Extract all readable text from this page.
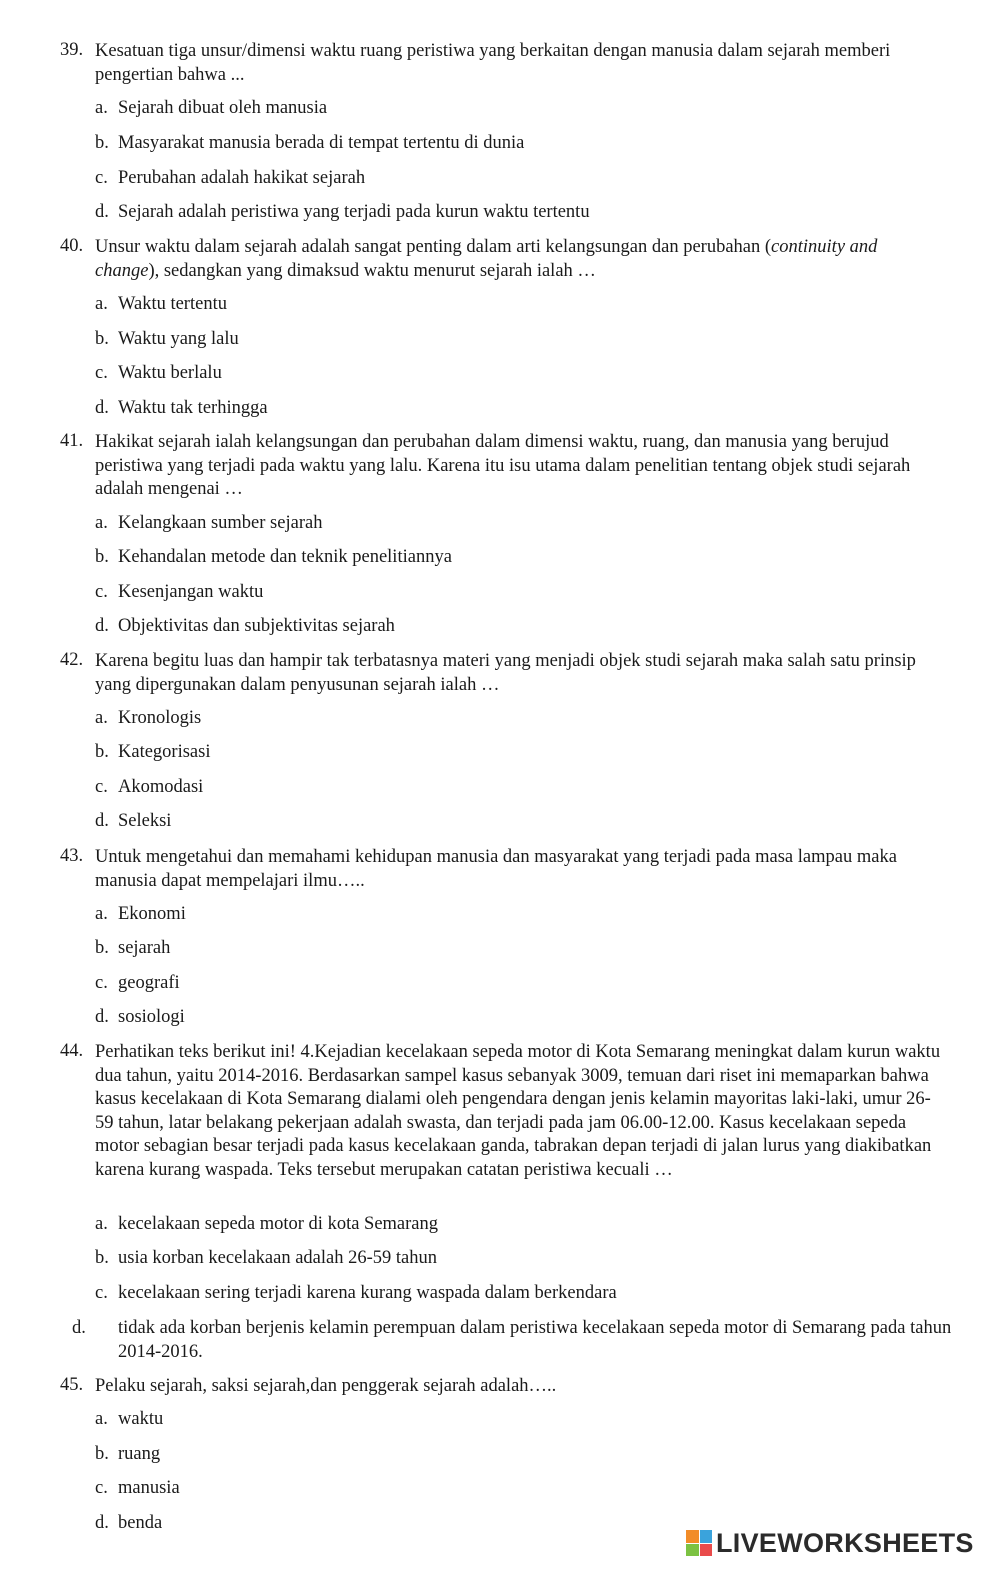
39. Kesatuan tiga unsur/dimensi waktu ruang peristiwa yang berkaitan dengan manusia dalam sejarah memberi pengertian bahwa ...
a. Sejarah dibuat oleh manusia
b. Masyarakat manusia berada di tempat tertentu di dunia
c. Perubahan adalah hakikat sejarah
d. Sejarah adalah peristiwa yang terjadi pada kurun waktu tertentu
40. Unsur waktu dalam sejarah adalah sangat penting dalam arti kelangsungan dan perubahan (continuity and change), sedangkan yang dimaksud waktu menurut sejarah ialah …
a. Waktu tertentu
b. Waktu yang lalu
c. Waktu berlalu
d. Waktu tak terhingga
41. Hakikat sejarah ialah kelangsungan dan perubahan dalam dimensi waktu, ruang, dan manusia yang berujud peristiwa yang terjadi pada waktu yang lalu. Karena itu isu utama dalam penelitian tentang objek studi sejarah adalah mengenai …
a. Kelangkaan sumber sejarah
b. Kehandalan metode dan teknik penelitiannya
c. Kesenjangan waktu
d. Objektivitas dan subjektivitas sejarah
42. Karena begitu luas dan hampir tak terbatasnya materi yang menjadi objek studi sejarah maka salah satu prinsip yang dipergunakan dalam penyusunan sejarah ialah …
a. Kronologis
b. Kategorisasi
c. Akomodasi
d. Seleksi
43. Untuk mengetahui dan memahami kehidupan manusia dan masyarakat yang terjadi pada masa lampau maka manusia dapat mempelajari ilmu…..
a. Ekonomi
b. sejarah
c. geografi
d. sosiologi
44. Perhatikan teks berikut ini! 4.Kejadian kecelakaan sepeda motor di Kota Semarang meningkat dalam kurun waktu dua tahun, yaitu 2014-2016. Berdasarkan sampel kasus sebanyak 3009, temuan dari riset ini memaparkan bahwa kasus kecelakaan di Kota Semarang dialami oleh pengendara dengan jenis kelamin mayoritas laki-laki, umur 26-59 tahun, latar belakang pekerjaan adalah swasta, dan terjadi pada jam 06.00-12.00. Kasus kecelakaan sepeda motor sebagian besar terjadi pada kasus kecelakaan ganda, tabrakan depan terjadi di jalan lurus yang diakibatkan karena kurang waspada. Teks tersebut merupakan catatan peristiwa kecuali …
a. kecelakaan sepeda motor di kota Semarang
b. usia korban kecelakaan adalah 26-59 tahun
c. kecelakaan sering terjadi karena kurang waspada dalam berkendara
d. tidak ada korban berjenis kelamin perempuan dalam peristiwa kecelakaan sepeda motor di Semarang pada tahun 2014-2016.
45. Pelaku sejarah, saksi sejarah,dan penggerak sejarah adalah…..
a. waktu
b. ruang
c. manusia
d. benda
LIVEWORKSHEETS
